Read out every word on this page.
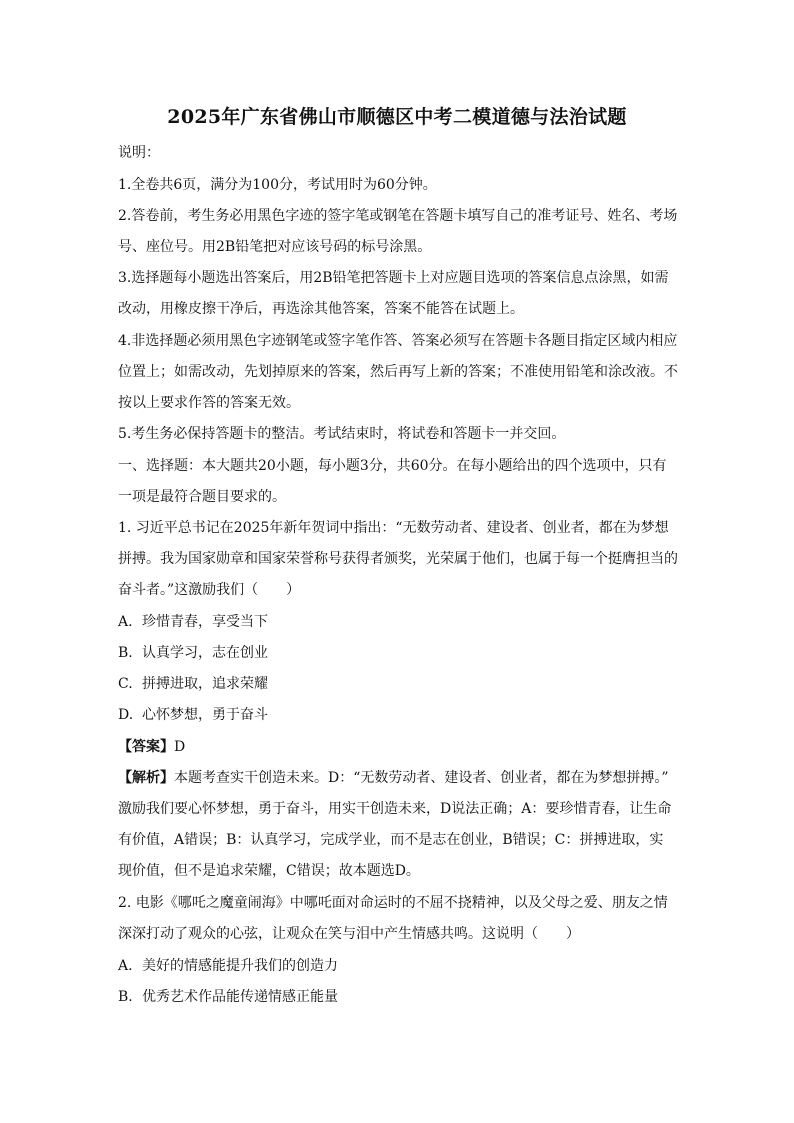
2025年广东省佛山市顺德区中考二模道德与法治试题
说明：
1.全卷共6页，满分为100分，考试用时为60分钟。
2.答卷前，考生务必用黑色字迹的签字笔或钢笔在答题卡填写自己的准考证号、姓名、考场
号、座位号。用2B铅笔把对应该号码的标号涂黑。
3.选择题每小题选出答案后，用2B铅笔把答题卡上对应题目选项的答案信息点涂黑，如需
改动，用橡皮擦干净后，再选涂其他答案，答案不能答在试题上。
4.非选择题必须用黑色字迹钢笔或签字笔作答、答案必须写在答题卡各题目指定区域内相应
位置上；如需改动，先划掉原来的答案，然后再写上新的答案；不准使用铅笔和涂改液。不
按以上要求作答的答案无效。
5.考生务必保持答题卡的整洁。考试结束时，将试卷和答题卡一并交回。
一、选择题：本大题共20小题，每小题3分，共60分。在每小题给出的四个选项中，只有
一项是最符合题目要求的。
1. 习近平总书记在2025年新年贺词中指出：“无数劳动者、建设者、创业者，都在为梦想
拼搏。我为国家勋章和国家荣誉称号获得者颁奖，光荣属于他们，也属于每一个挺膺担当的
奋斗者。”这激励我们（　　）
A. 珍惜青春，享受当下
B. 认真学习，志在创业
C. 拼搏进取，追求荣耀
D. 心怀梦想，勇于奋斗
【答案】D
【解析】本题考查实干创造未来。D：“无数劳动者、建设者、创业者，都在为梦想拼搏。”
激励我们要心怀梦想，勇于奋斗，用实干创造未来，D说法正确；A：要珍惜青春，让生命
有价值，A错误；B：认真学习，完成学业，而不是志在创业，B错误；C：拼搏进取，实
现价值，但不是追求荣耀，C错误；故本题选D。
2. 电影《哪吒之魔童闹海》中哪吒面对命运时的不屈不挠精神，以及父母之爱、朋友之情
深深打动了观众的心弦，让观众在笑与泪中产生情感共鸣。这说明（　　）
A. 美好的情感能提升我们的创造力
B. 优秀艺术作品能传递情感正能量
